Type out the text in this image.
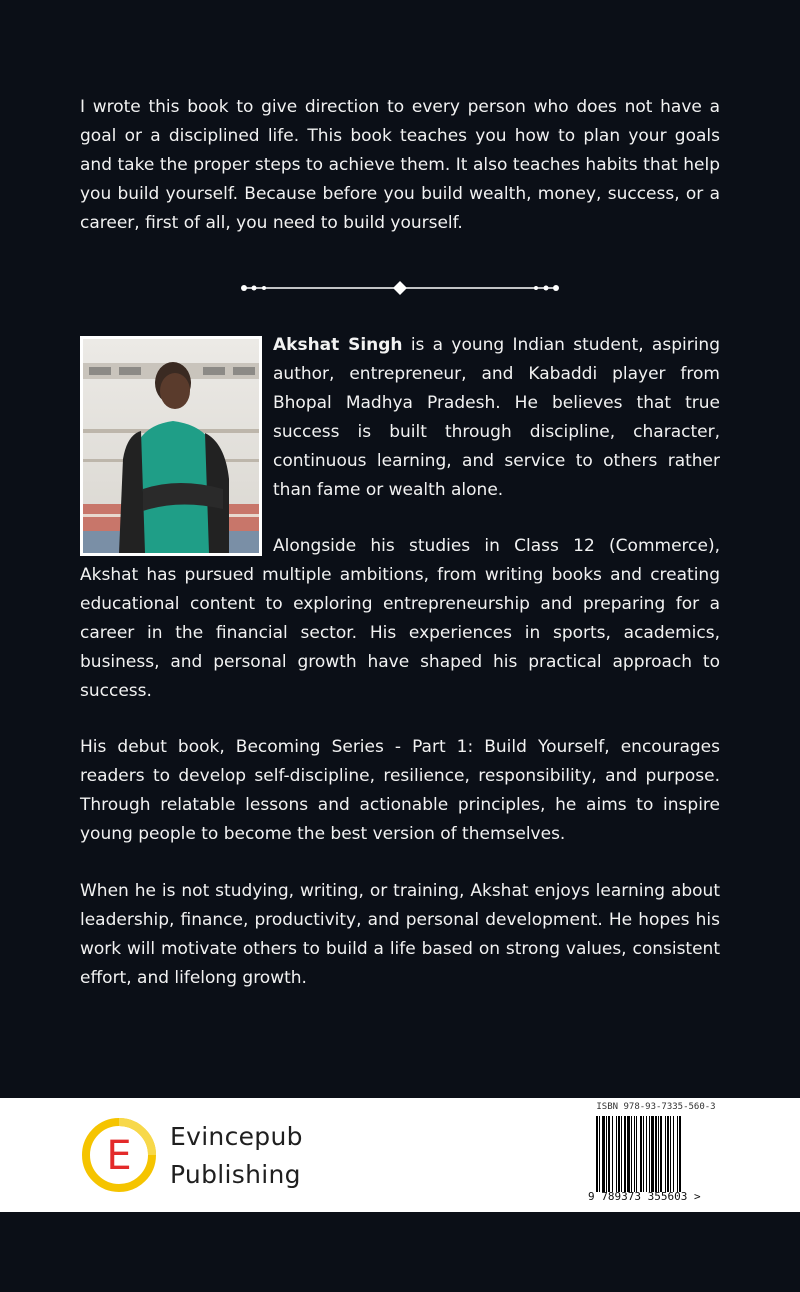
I wrote this book to give direction to every person who does not have a goal or a disciplined life. This book teaches you how to plan your goals and take the proper steps to achieve them. It also teaches habits that help you build yourself. Because before you build wealth, money, success, or a career, first of all, you need to build yourself.

Akshat Singh is a young Indian student, aspiring author, entrepreneur, and Kabaddi player from Bhopal Madhya Pradesh. He believes that true success is built through discipline, character, continuous learning, and service to others rather than fame or wealth alone.

Alongside his studies in Class 12 (Commerce), Akshat has pursued multiple ambitions, from writing books and creating educational content to exploring entrepreneurship and preparing for a career in the financial sector. His experiences in sports, academics, business, and personal growth have shaped his practical approach to success.

His debut book, Becoming Series - Part 1: Build Yourself, encourages readers to develop self-discipline, resilience, responsibility, and purpose. Through relatable lessons and actionable principles, he aims to inspire young people to become the best version of themselves.

When he is not studying, writing, or training, Akshat enjoys learning about leadership, finance, productivity, and personal development. He hopes his work will motivate others to build a life based on strong values, consistent effort, and lifelong growth.

E Evincepub
Publishing
ISBN 978-93-7335-560-3
9 789373 355603 >
